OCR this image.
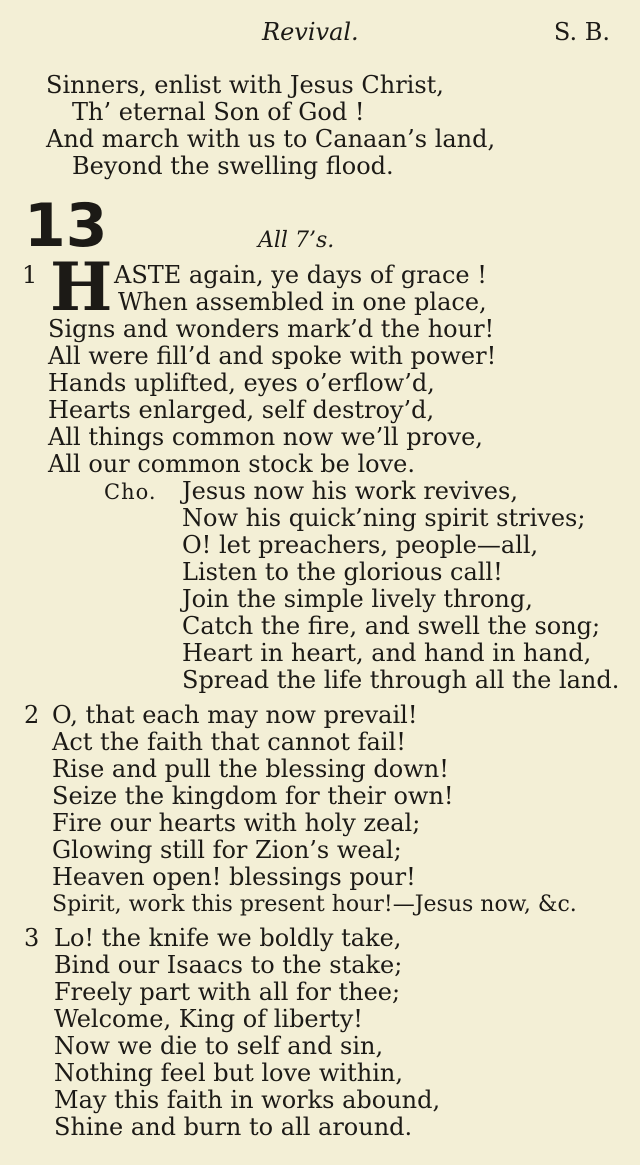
Revival.	S. B.
Sinners, enlist with Jesus Christ,
Th’ eternal Son of God !
And march with us to Canaan’s land,
Beyond the swelling flood.
13	All 7’s.
1 H ASTE again, ye days of grace !
When assembled in one place,
Signs and wonders mark’d the hour!
All were fill’d and spoke with power!
Hands uplifted, eyes o’erflow’d,
Hearts enlarged, self destroy’d,
All things common now we’ll prove,
All our common stock be love.
Cho. Jesus now his work revives,
Now his quick’ning spirit strives;
O! let preachers, people—all,
Listen to the glorious call!
Join the simple lively throng,
Catch the fire, and swell the song;
Heart in heart, and hand in hand,
Spread the life through all the land.
2 O, that each may now prevail!
Act the faith that cannot fail!
Rise and pull the blessing down!
Seize the kingdom for their own!
Fire our hearts with holy zeal;
Glowing still for Zion’s weal;
Heaven open! blessings pour!
Spirit, work this present hour!—Jesus now, &c.
3 Lo! the knife we boldly take,
Bind our Isaacs to the stake;
Freely part with all for thee;
Welcome, King of liberty!
Now we die to self and sin,
Nothing feel but love within,
May this faith in works abound,
Shine and burn to all around.
